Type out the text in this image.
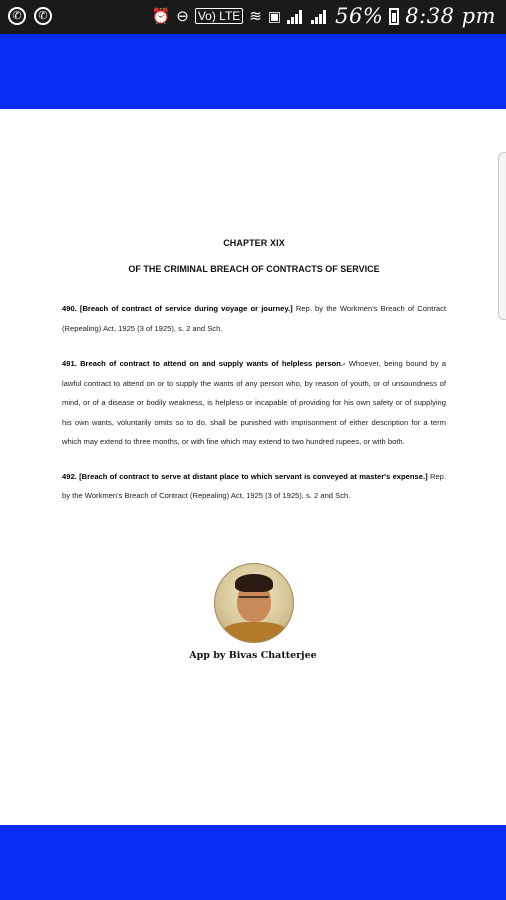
✆	✆	⏰ ⊖ Vo) LTE ≋ ▣	56% 8:38 pm

CHAPTER XIX

OF THE CRIMINAL BREACH OF CONTRACTS OF SERVICE

490. [Breach of contract of service during voyage or journey.] Rep. by the Workmen's Breach of Contract (Repealing) Act, 1925 (3 of 1925), s. 2 and Sch.

491. Breach of contract to attend on and supply wants of helpless person.- Whoever, being bound by a lawful contract to attend on or to supply the wants of any person who, by reason of youth, or of unsoundness of mind, or of a disease or bodily weakness, is helpless or incapable of providing for his own safety or of supplying his own wants, voluntarily omits so to do, shall be punished with imprisonment of either description for a term which may extend to three months, or with fine which may extend to two hundred rupees, or with both.

492. [Breach of contract to serve at distant place to which servant is conveyed at master's expense.] Rep. by the Workmen's Breach of Contract (Repealing) Act, 1925 (3 of 1925), s. 2 and Sch.

App by Bivas Chatterjee
